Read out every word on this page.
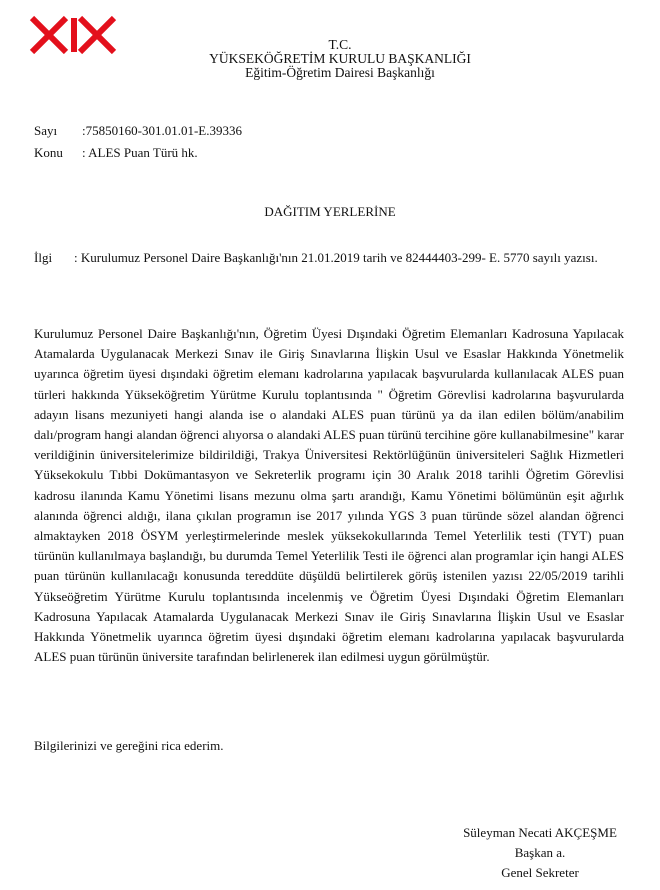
T.C.
YÜKSEKÖĞRETİM KURULU BAŞKANLIĞI
Eğitim-Öğretim Dairesi Başkanlığı
Sayı :75850160-301.01.01-E.39336
Konu : ALES Puan Türü hk.
DAĞITIM YERLERİNE
İlgi : Kurulumuz Personel Daire Başkanlığı'nın 21.01.2019 tarih ve 82444403-299- E. 5770 sayılı yazısı.
Kurulumuz Personel Daire Başkanlığı'nın, Öğretim Üyesi Dışındaki Öğretim Elemanları Kadrosuna Yapılacak Atamalarda Uygulanacak Merkezi Sınav ile Giriş Sınavlarına İlişkin Usul ve Esaslar Hakkında Yönetmelik uyarınca öğretim üyesi dışındaki öğretim elemanı kadrolarına yapılacak başvurularda kullanılacak ALES puan türleri hakkında Yükseköğretim Yürütme Kurulu toplantısında " Öğretim Görevlisi kadrolarına başvurularda adayın lisans mezuniyeti hangi alanda ise o alandaki ALES puan türünü ya da ilan edilen bölüm/anabilim dalı/program hangi alandan öğrenci alıyorsa o alandaki ALES puan türünü tercihine göre kullanabilmesine" karar verildiğinin üniversitelerimize bildirildiği, Trakya Üniversitesi Rektörlüğünün üniversiteleri Sağlık Hizmetleri Yüksekokulu Tıbbi Dokümantasyon ve Sekreterlik programı için 30 Aralık 2018 tarihli Öğretim Görevlisi kadrosu ilanında Kamu Yönetimi lisans mezunu olma şartı arandığı, Kamu Yönetimi bölümünün eşit ağırlık alanında öğrenci aldığı, ilana çıkılan programın ise 2017 yılında YGS 3 puan türünde sözel alandan öğrenci almaktayken 2018 ÖSYM yerleştirmelerinde meslek yüksekokullarında Temel Yeterlilik testi (TYT) puan türünün kullanılmaya başlandığı, bu durumda Temel Yeterlilik Testi ile öğrenci alan programlar için hangi ALES puan türünün kullanılacağı konusunda tereddüte düşüldü belirtilerek görüş istenilen yazısı 22/05/2019 tarihli Yükseöğretim Yürütme Kurulu toplantısında incelenmiş ve Öğretim Üyesi Dışındaki Öğretim Elemanları Kadrosuna Yapılacak Atamalarda Uygulanacak Merkezi Sınav ile Giriş Sınavlarına İlişkin Usul ve Esaslar Hakkında Yönetmelik uyarınca öğretim üyesi dışındaki öğretim elemanı kadrolarına yapılacak başvurularda ALES puan türünün üniversite tarafından belirlenerek ilan edilmesi uygun görülmüştür.
Bilgilerinizi ve gereğini rica ederim.
Süleyman Necati AKÇEŞME
Başkan a.
Genel Sekreter
